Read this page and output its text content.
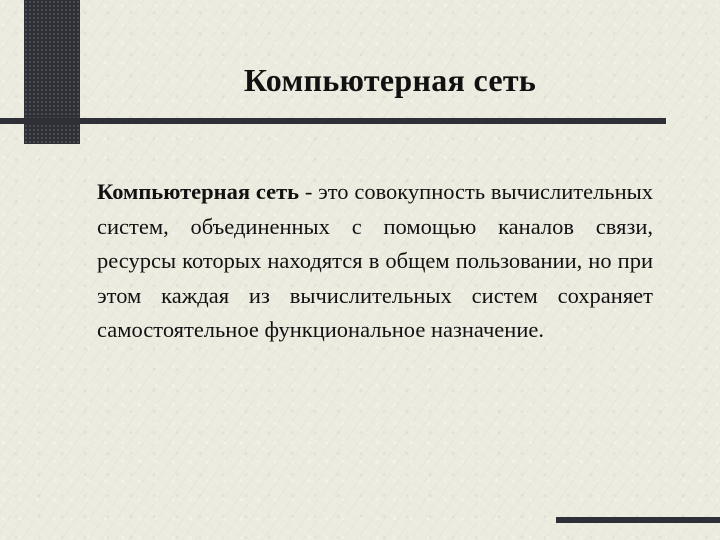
Компьютерная сеть

Компьютерная сеть - это совокупность вычислительных систем, объединенных с помощью каналов связи, ресурсы которых находятся в общем пользовании, но при этом каждая из вычислительных систем сохраняет самостоятельное функциональное назначение.
